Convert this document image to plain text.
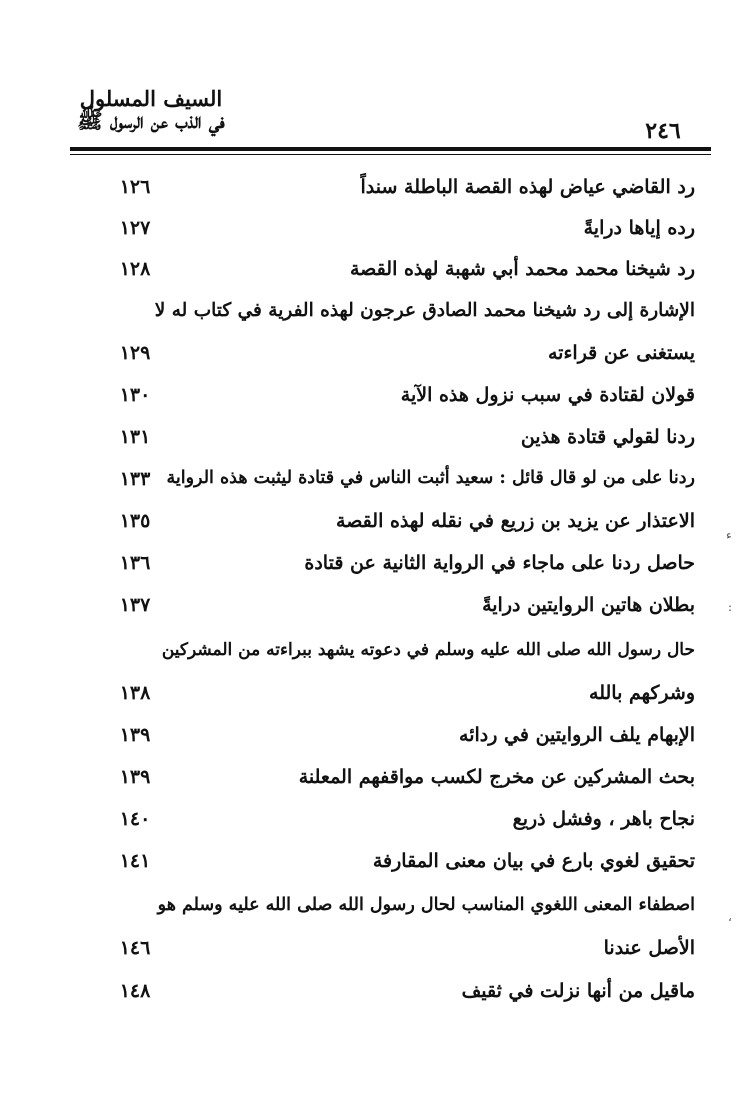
السيف المسلول
في الذب عن الرسول ﷺ	٢٤٦
رد القاضي عياض لهذه القصة الباطلة سنداً
١٢٦
رده إياها درايةً
١٢٧
رد شيخنا محمد محمد أبي شهبة لهذه القصة
١٢٨
الإشارة إلى رد شيخنا محمد الصادق عرجون لهذه الفرية في كتاب له لا
يستغنى عن قراءته
١٢٩
قولان لقتادة في سبب نزول هذه الآية
١٣٠
ردنا لقولي قتادة هذين
١٣١
ردنا على من لو قال قائل : سعيد أثبت الناس في قتادة ليثبت هذه الرواية
١٣٣
الاعتذار عن يزيد بن زريع في نقله لهذه القصة
١٣٥
حاصل ردنا على ماجاء في الرواية الثانية عن قتادة
١٣٦
بطلان هاتين الروايتين درايةً
١٣٧
حال رسول الله صلى الله عليه وسلم في دعوته يشهد ببراءته من المشركين
وشركهم بالله
١٣٨
الإبهام يلف الروايتين في ردائه
١٣٩
بحث المشركين عن مخرج لكسب مواقفهم المعلنة
١٣٩
نجاح باهر ، وفشل ذريع
١٤٠
تحقيق لغوي بارع في بيان معنى المقارفة
١٤١
اصطفاء المعنى اللغوي المناسب لحال رسول الله صلى الله عليه وسلم هو
الأصل عندنا
١٤٦
ماقيل من أنها نزلت في ثقيف
١٤٨
ء
:
،
